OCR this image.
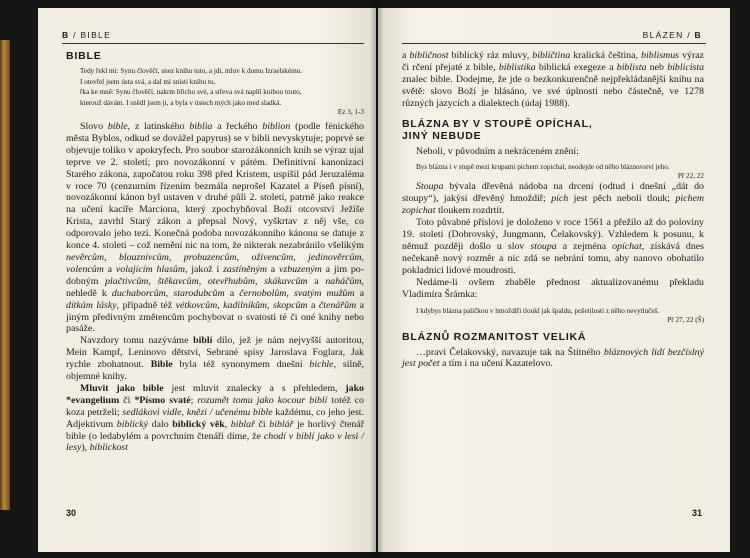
B / BIBLE
BIBLE

Tedy řekl mi: Synu člověčí, snez knihu tuto, a jdi, mluv k domu Izraelskému.

I otevřel jsem ústa svá, a dal mi snísti knihu tu,

řka ke mně: Synu člověčí, nakrm břicho své, a střeva svá naplň knihou touto,

kterouž dávám. I snědl jsem ji, a byla v ústech mých jako med sladká.

Ez 3, 1-3

Slovo bible, z latinského biblia a řeckého biblion (podle fénického města Byblos, odkud se dovážel papyrus) se v bibli nevyskytuje; poprvé se objevuje toliko v apokryfech. Pro soubor starozákonních knih se výraz ujal teprve ve 2. století; pro novozákonní v pátém. Definitivní kanonizaci Starého zákona, započatou roku 398 před Kristem, uspíšil pád Jeruzaléma v roce 70 (cenzurním řízením bezmála neprošel Kazatel a Píseň písní), novozákonní kánon byl ustaven v druhé půli 2. století, patrně jako reakce na učení kacíře Marciona, který zpochybňoval Boží otcovství Ježíše Krista, zavrhl Starý zákon a přepsal Nový, vyškrtav z něj vše, co odporovalo jeho tezi. Konečná podoba novozákonního kánonu se datuje z konce 4. století – což nemění nic na tom, že nikterak nezabránilo všelikým nevěrcům, blouznivcům, probuzencům, oživencům, jedinověrcům, volencům a volajícím hlasům, jakož i zastíněným a vzbuzeným a jim podobným plačtivcům, štěkavcům, otevřhubům, skákavcům a naháčům, nehledě k duchaborcům, starodubcům a černobolům, svatým mužům a dítkám lásky, případně též vétkovcům, kadilníkům, skopcům a čtenářům a jiným předivným změtencům pochybovat o svatosti té či oné knihy nebo pasáže.

Navzdory tomu nazýváme biblí dílo, jež je nám nejvyšší autoritou, Mein Kampf, Leninovo dětství, Sebrané spisy Jaroslava Foglara, Jak rychle zbohatnout. Bible byla též synonymem dnešní bichle, silně, objemné knihy.

Mluvit jako bible jest mluvit znalecky a s přehledem, jako *evangelium či *Písmo svaté; rozumět tomu jako kocour biblí totéž co koza petrželi; sedlákovi vidle, knězi / učenému bible každému, co jeho jest. Adjektivum biblický dalo biblický věk, biblař či biblář je horlivý čtenář bible (o ledabylém a povrchním čtenáři díme, že chodí v biblí jako v lesi / lesy), biblickost

30
BLÁZEN / B

a bibličnost biblický ráz mluvy, biblíčtina kralická čeština, biblismus výraz či rčení přejaté z bible, biblistika biblická exegeze a biblista neb biblicista znalec bible. Dodejme, že jde o bezkonkurenčně nejpřekládanější knihu na světě: slovo Boží je hlásáno, ve své úplnosti nebo částečně, ve 1278 různých jazycích a dialektech (údaj 1988).

BLÁZNA BY V STOUPĚ OPÍCHAL,
JINÝ NEBUDE

Neboli, v původním a nekráceném znění:

Bys blázna i v stupě mezi krupami pichem zopichal, neodejde od něho bláznovství jeho.

Př 22, 22

Stoupa bývala dřevěná nádoba na drcení (odtud i dnešní „dát do stoupy“), jakýsi dřevěný hmoždíř; pích jest pěch neboli tlouk; pichem zopichat tloukem rozdrtit.

Toto půvabné přísloví je doloženo v roce 1561 a přežilo až do poloviny 19. století (Dobrovský, Jungmann, Čelakovský). Vzhledem k posunu, k němuž později došlo u slov stoupa a zejména opíchat, získává dnes nečekaně nový rozměr a nic zdá se nebrání tomu, aby nanovo obohatilo pokladnici lidové moudrosti.

Nedáme-li ovšem zbaběle přednost aktualizovanému překladu Vladimíra Šrámka:

I kdybys blázna paličkou v hmoždíři tloukl jak špaldu, pošetilosti z něho nevytlučeš.

Př 27, 22 (Š)

BLÁZNŮ ROZMANITOST VELIKÁ

…pravi Čelakovský, navazuje tak na Štítného bláznových lidí bezčíslný jest počet a tím i na učení Kazatelovo.

31
